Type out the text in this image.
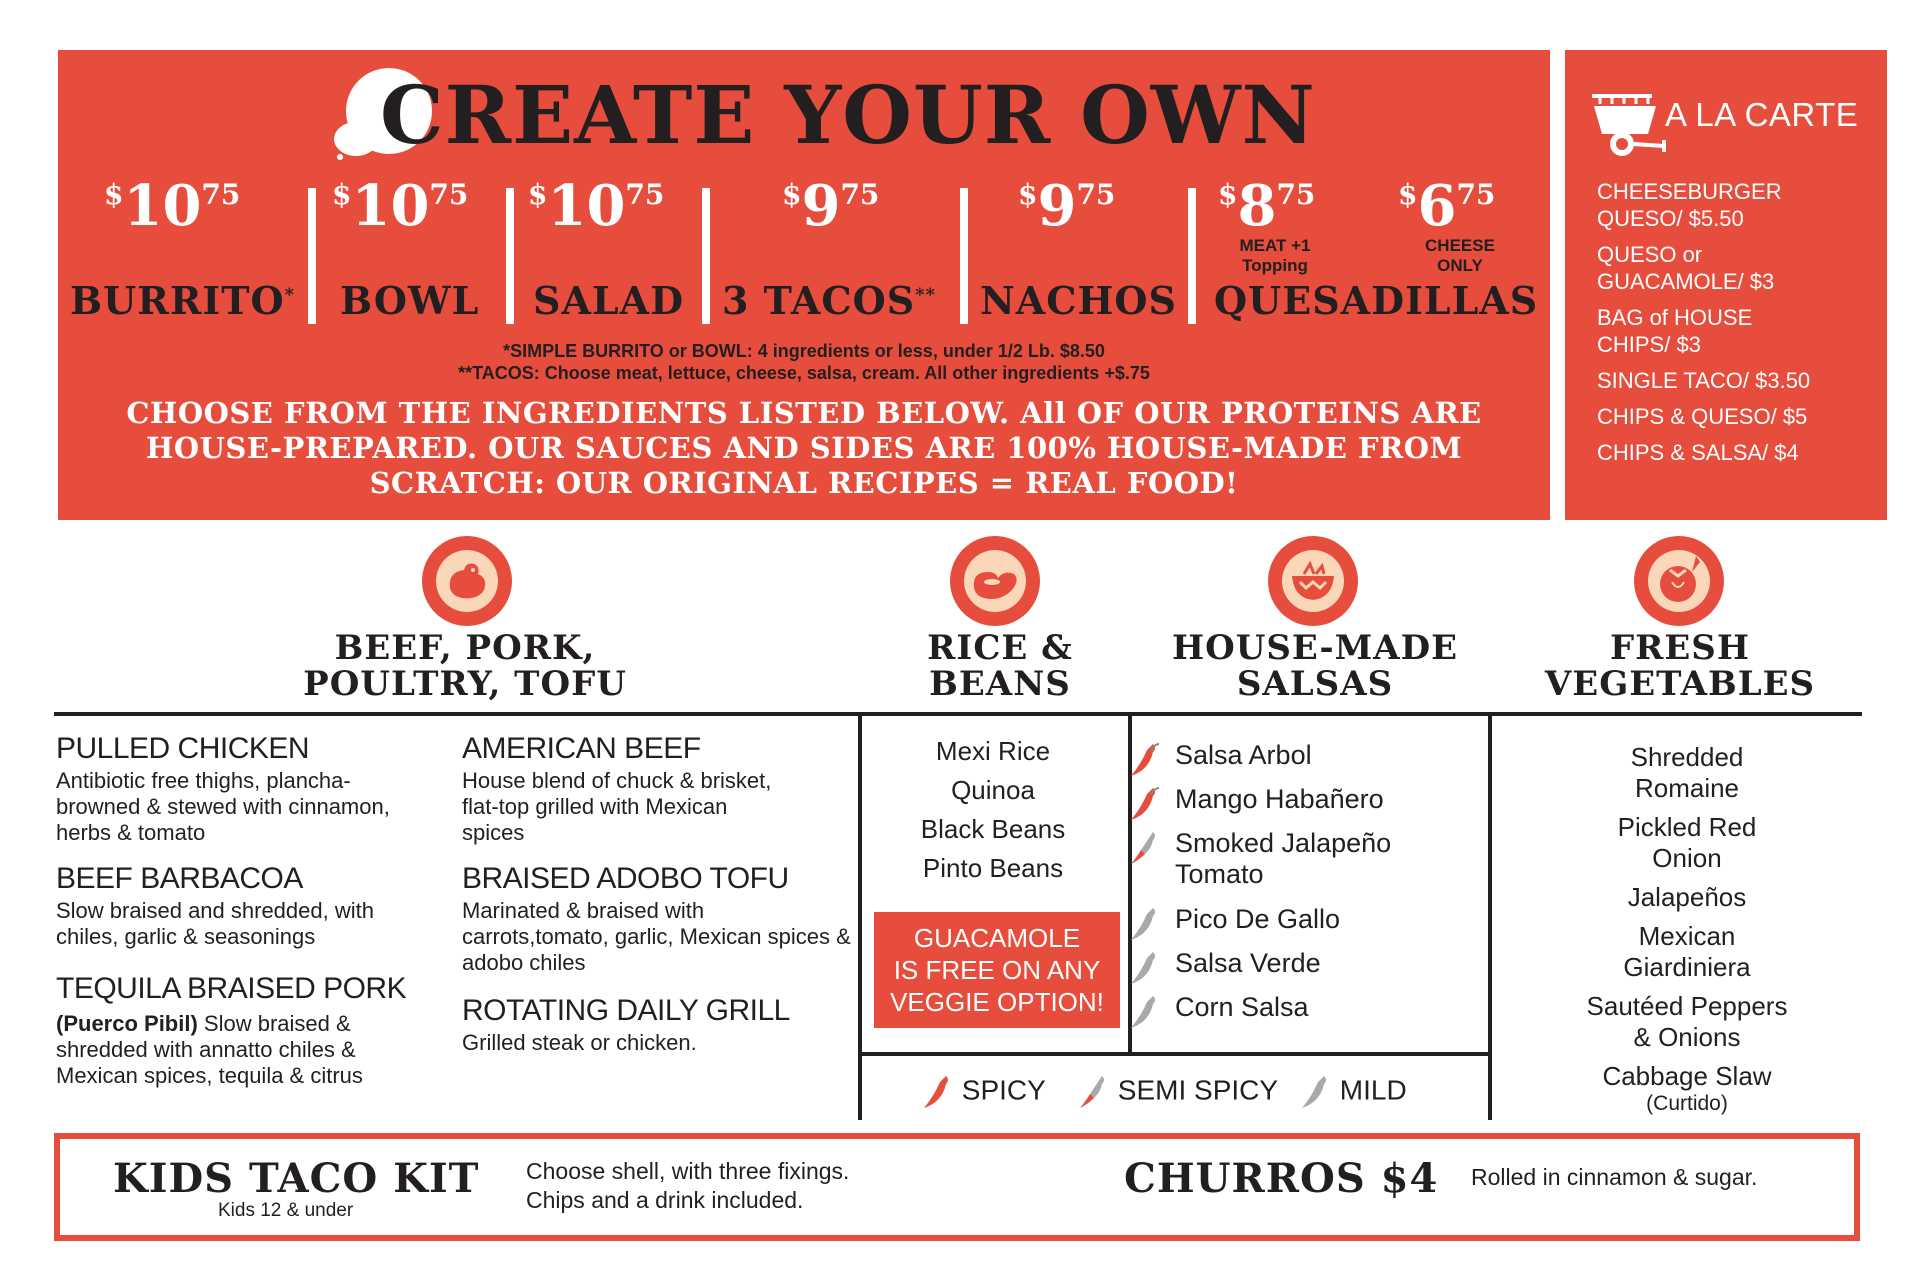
CREATE YOUR OWN
$1075	$1075 $1075	$975	$975	$875	$675
MEAT +1
Topping
CHEESE
ONLY
BURRITO* BOWL SALAD 3 TACOS** NACHOS QUESADILLAS
*SIMPLE BURRITO or BOWL: 4 ingredients or less, under 1/2 Lb. $8.50
**TACOS: Choose meat, lettuce, cheese, salsa, cream. All other ingredients +$.75
CHOOSE FROM THE INGREDIENTS LISTED BELOW. All OF OUR PROTEINS ARE
HOUSE-PREPARED. OUR SAUCES AND SIDES ARE 100% HOUSE-MADE FROM
SCRATCH: OUR ORIGINAL RECIPES = REAL FOOD!
A LA CARTE
CHEESEBURGER QUESO/ $5.50
QUESO or GUACAMOLE/ $3
BAG of HOUSE CHIPS/ $3
SINGLE TACO/ $3.50
CHIPS & QUESO/ $5
CHIPS & SALSA/ $4
BEEF, PORK,
POULTRY, TOFU
RICE &
BEANS
HOUSE-MADE
SALSAS
FRESH
VEGETABLES
PULLED CHICKEN
Antibiotic free thighs, plancha-browned & stewed with cinnamon, herbs & tomato
BEEF BARBACOA
Slow braised and shredded, with chiles, garlic & seasonings
TEQUILA BRAISED PORK
(Puerco Pibil) Slow braised & shredded with annatto chiles & Mexican spices, tequila & citrus
AMERICAN BEEF
House blend of chuck & brisket, flat-top grilled with Mexican spices
BRAISED ADOBO TOFU
Marinated & braised with carrots,tomato, garlic, Mexican spices & adobo chiles
ROTATING DAILY GRILL
Grilled steak or chicken.
Mexi Rice
Quinoa
Black Beans
Pinto Beans
GUACAMOLE
IS FREE ON ANY
VEGGIE OPTION!
Salsa Arbol
Mango Habañero
Smoked Jalapeño
Tomato
Pico De Gallo
Salsa Verde
Corn Salsa
SPICY	SEMI SPICY	MILD
Shredded
Romaine
Pickled Red
Onion
Jalapeños
Mexican
Giardiniera
Sautéed Peppers
& Onions
Cabbage Slaw
(Curtido)
KIDS TACO KIT
Kids 12 & under
Choose shell, with three fixings.
Chips and a drink included.	CHURROS $4 Rolled in cinnamon & sugar.
